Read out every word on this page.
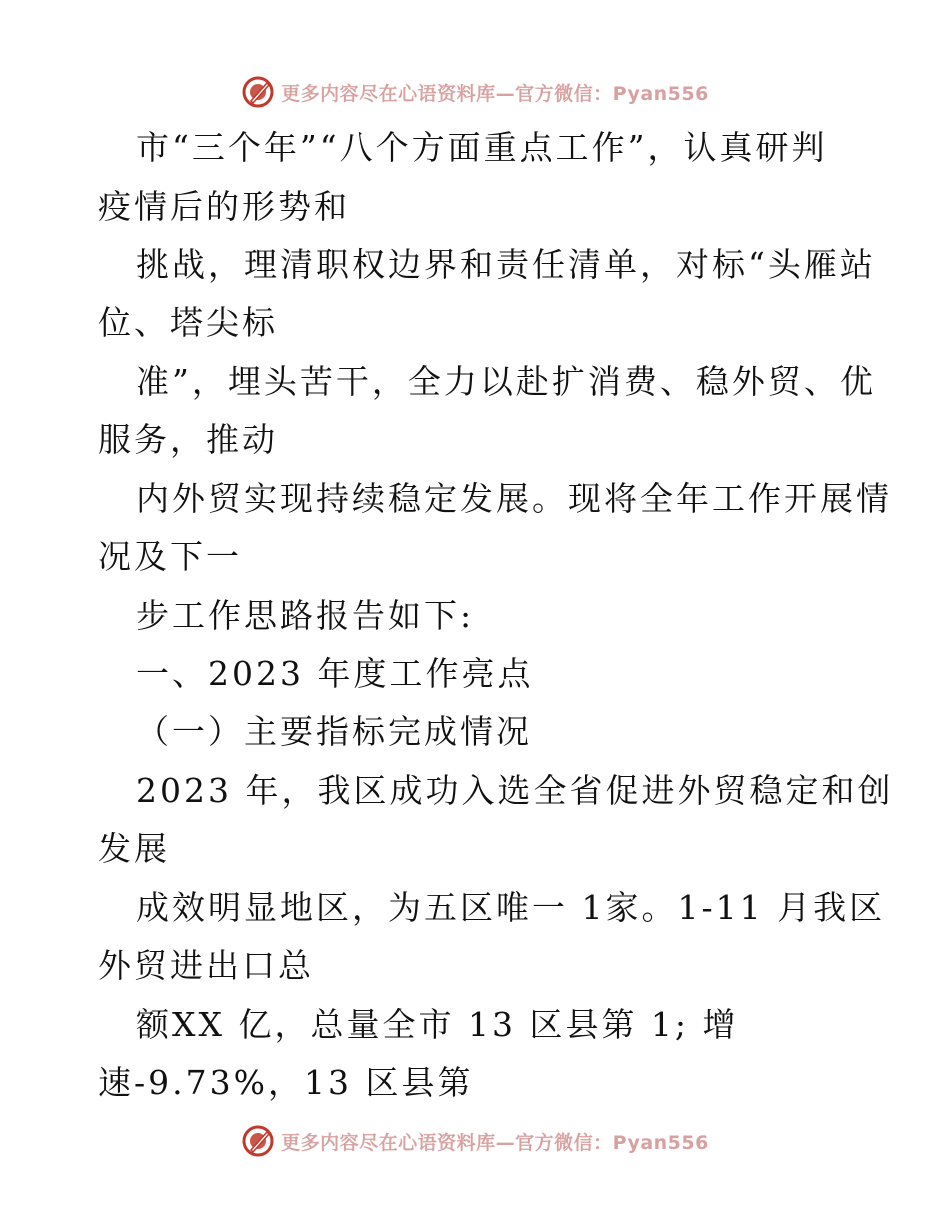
更多内容尽在心语资料库—官方微信：Pyan556
市“三个年”“八个方面重点工作”，认真研判
疫情后的形势和
挑战，理清职权边界和责任清单，对标“头雁站
位、塔尖标
准”，埋头苦干，全力以赴扩消费、稳外贸、优
服务，推动
内外贸实现持续稳定发展。现将全年工作开展情
况及下一
步工作思路报告如下:
一、2023 年度工作亮点
（一）主要指标完成情况
2023 年，我区成功入选全省促进外贸稳定和创
发展
成效明显地区，为五区唯一 1家。1-11 月我区
外贸进出口总
额XX 亿，总量全市 13 区县第 1; 增
速-9.73%，13 区县第
更多内容尽在心语资料库—官方微信：Pyan556
